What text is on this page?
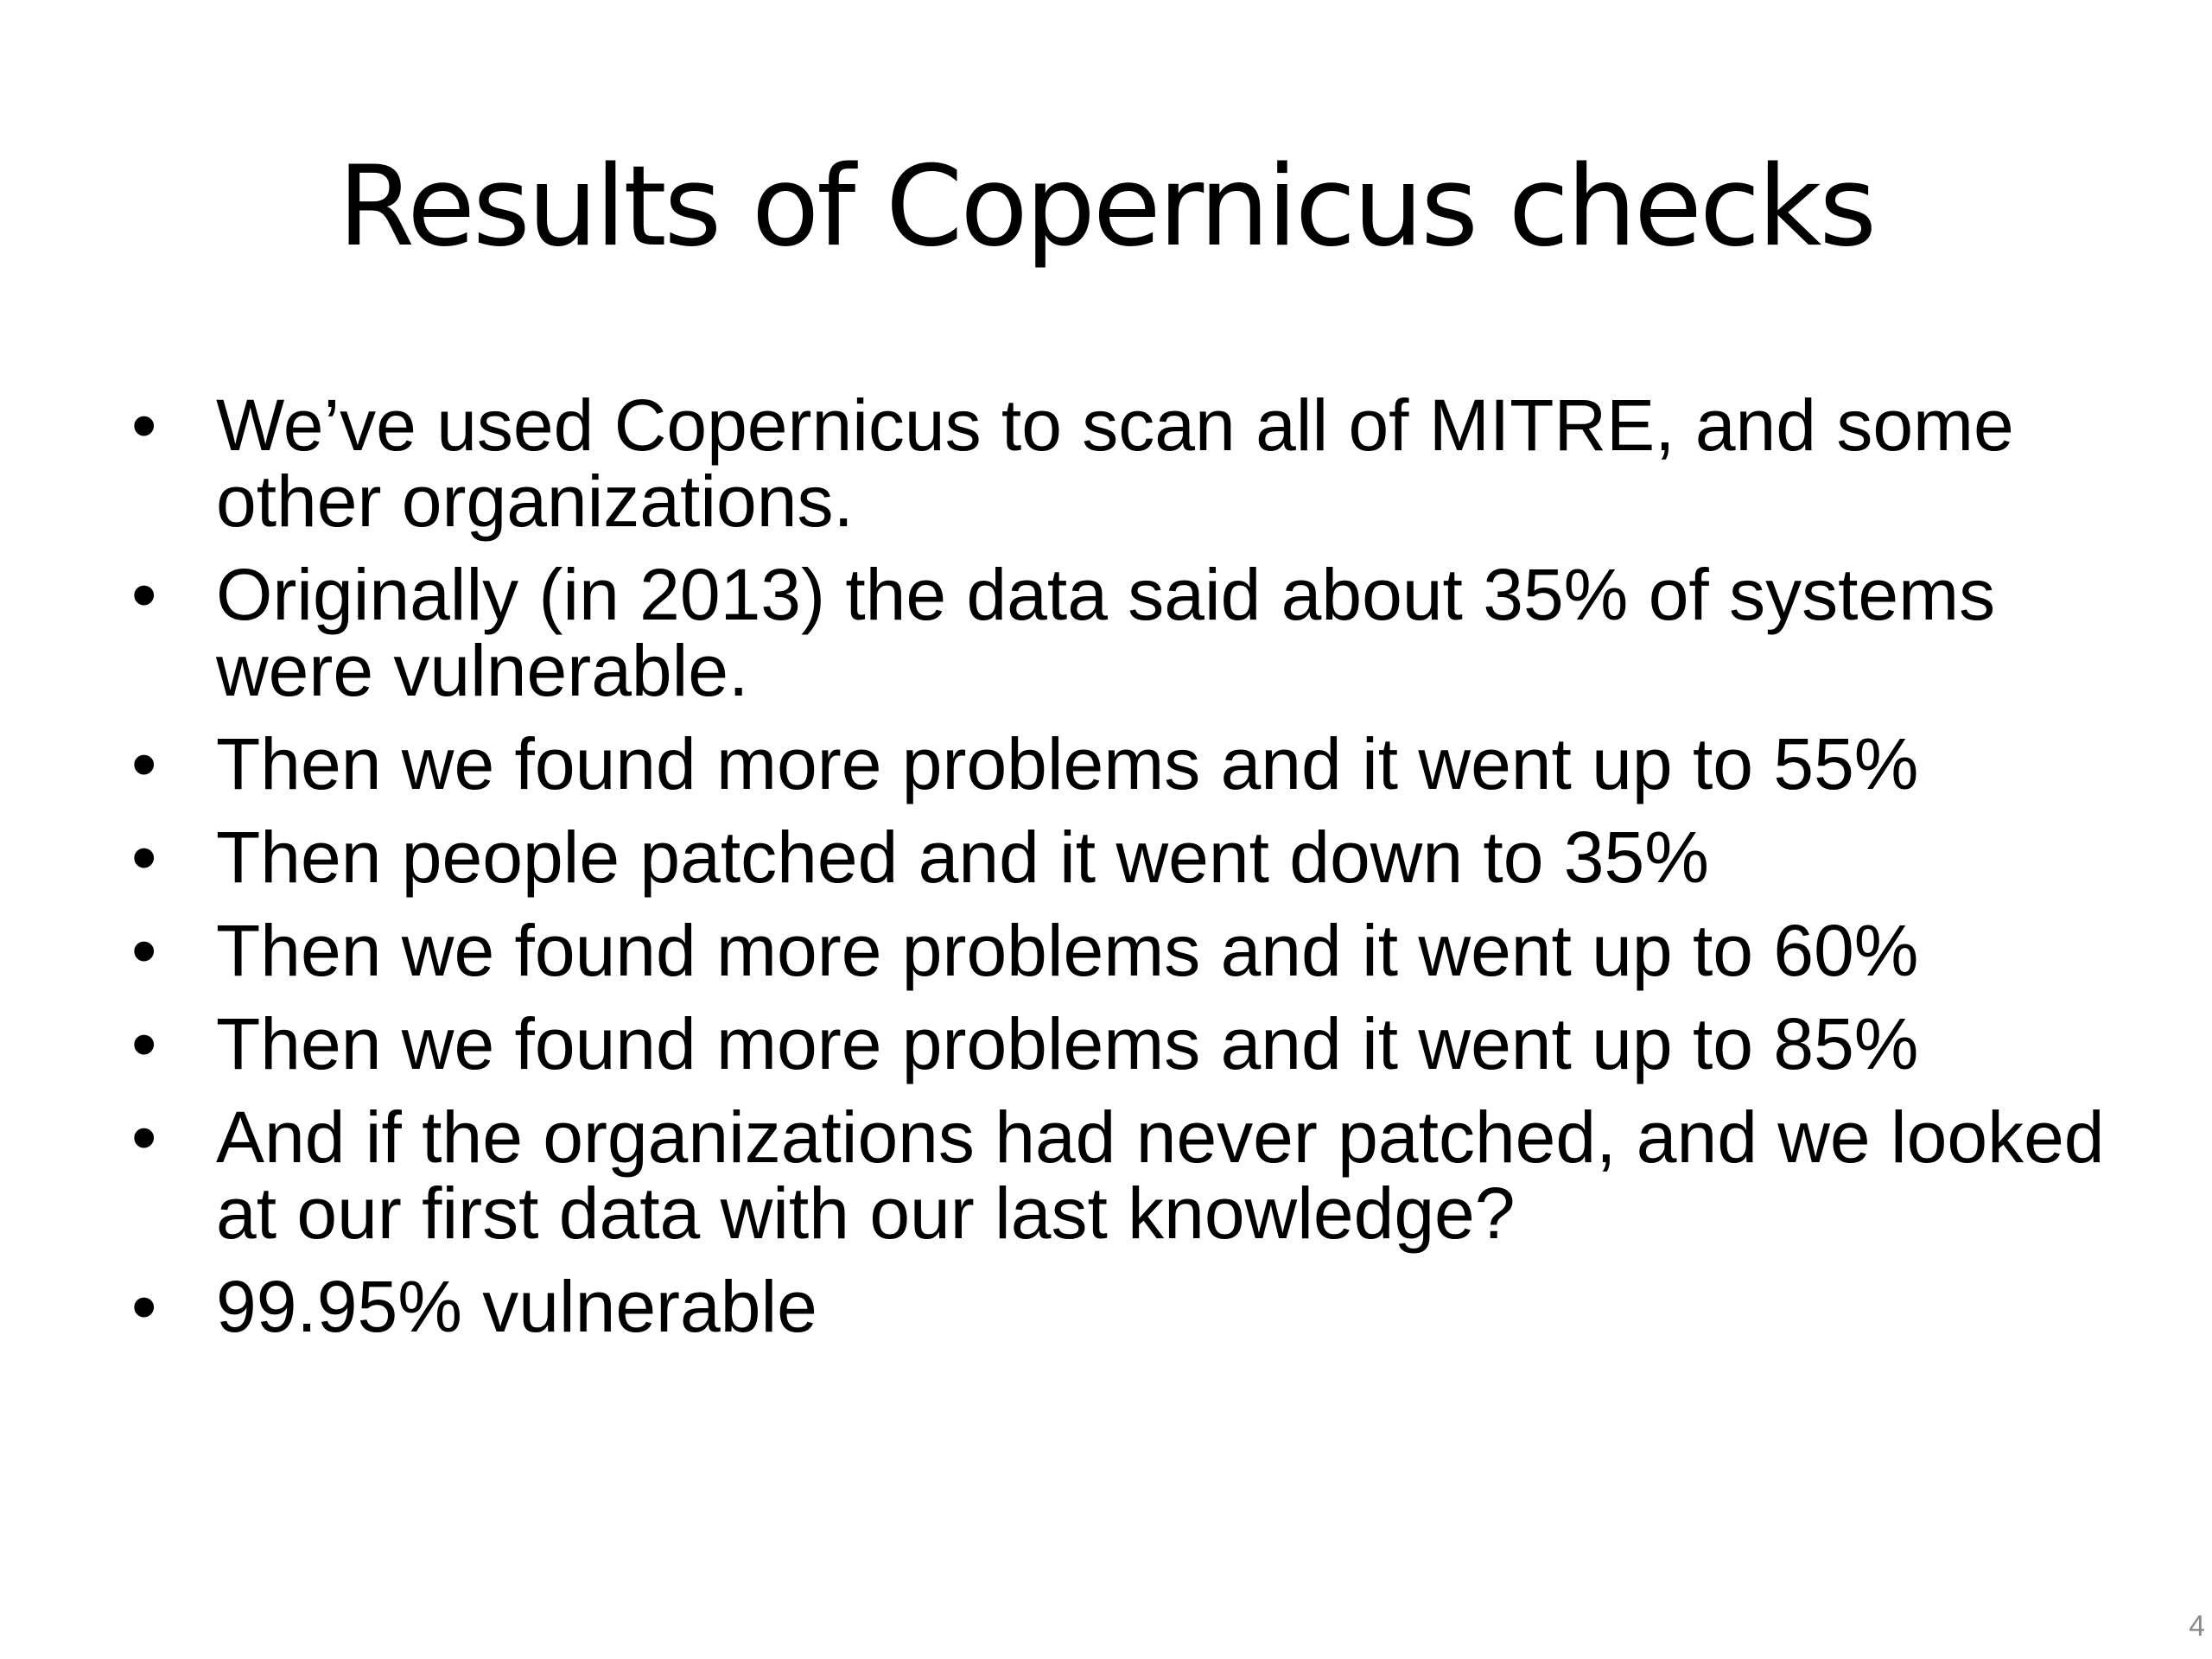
Results of Copernicus checks
• We’ve used Copernicus to scan all of MITRE, and some other organizations.
• Originally (in 2013) the data said about 35% of systems were vulnerable.
• Then we found more problems and it went up to 55%
• Then people patched and it went down to 35%
• Then we found more problems and it went up to 60%
• Then we found more problems and it went up to 85%
• And if the organizations had never patched, and we looked at our first data with our last knowledge?
• 99.95% vulnerable
4
